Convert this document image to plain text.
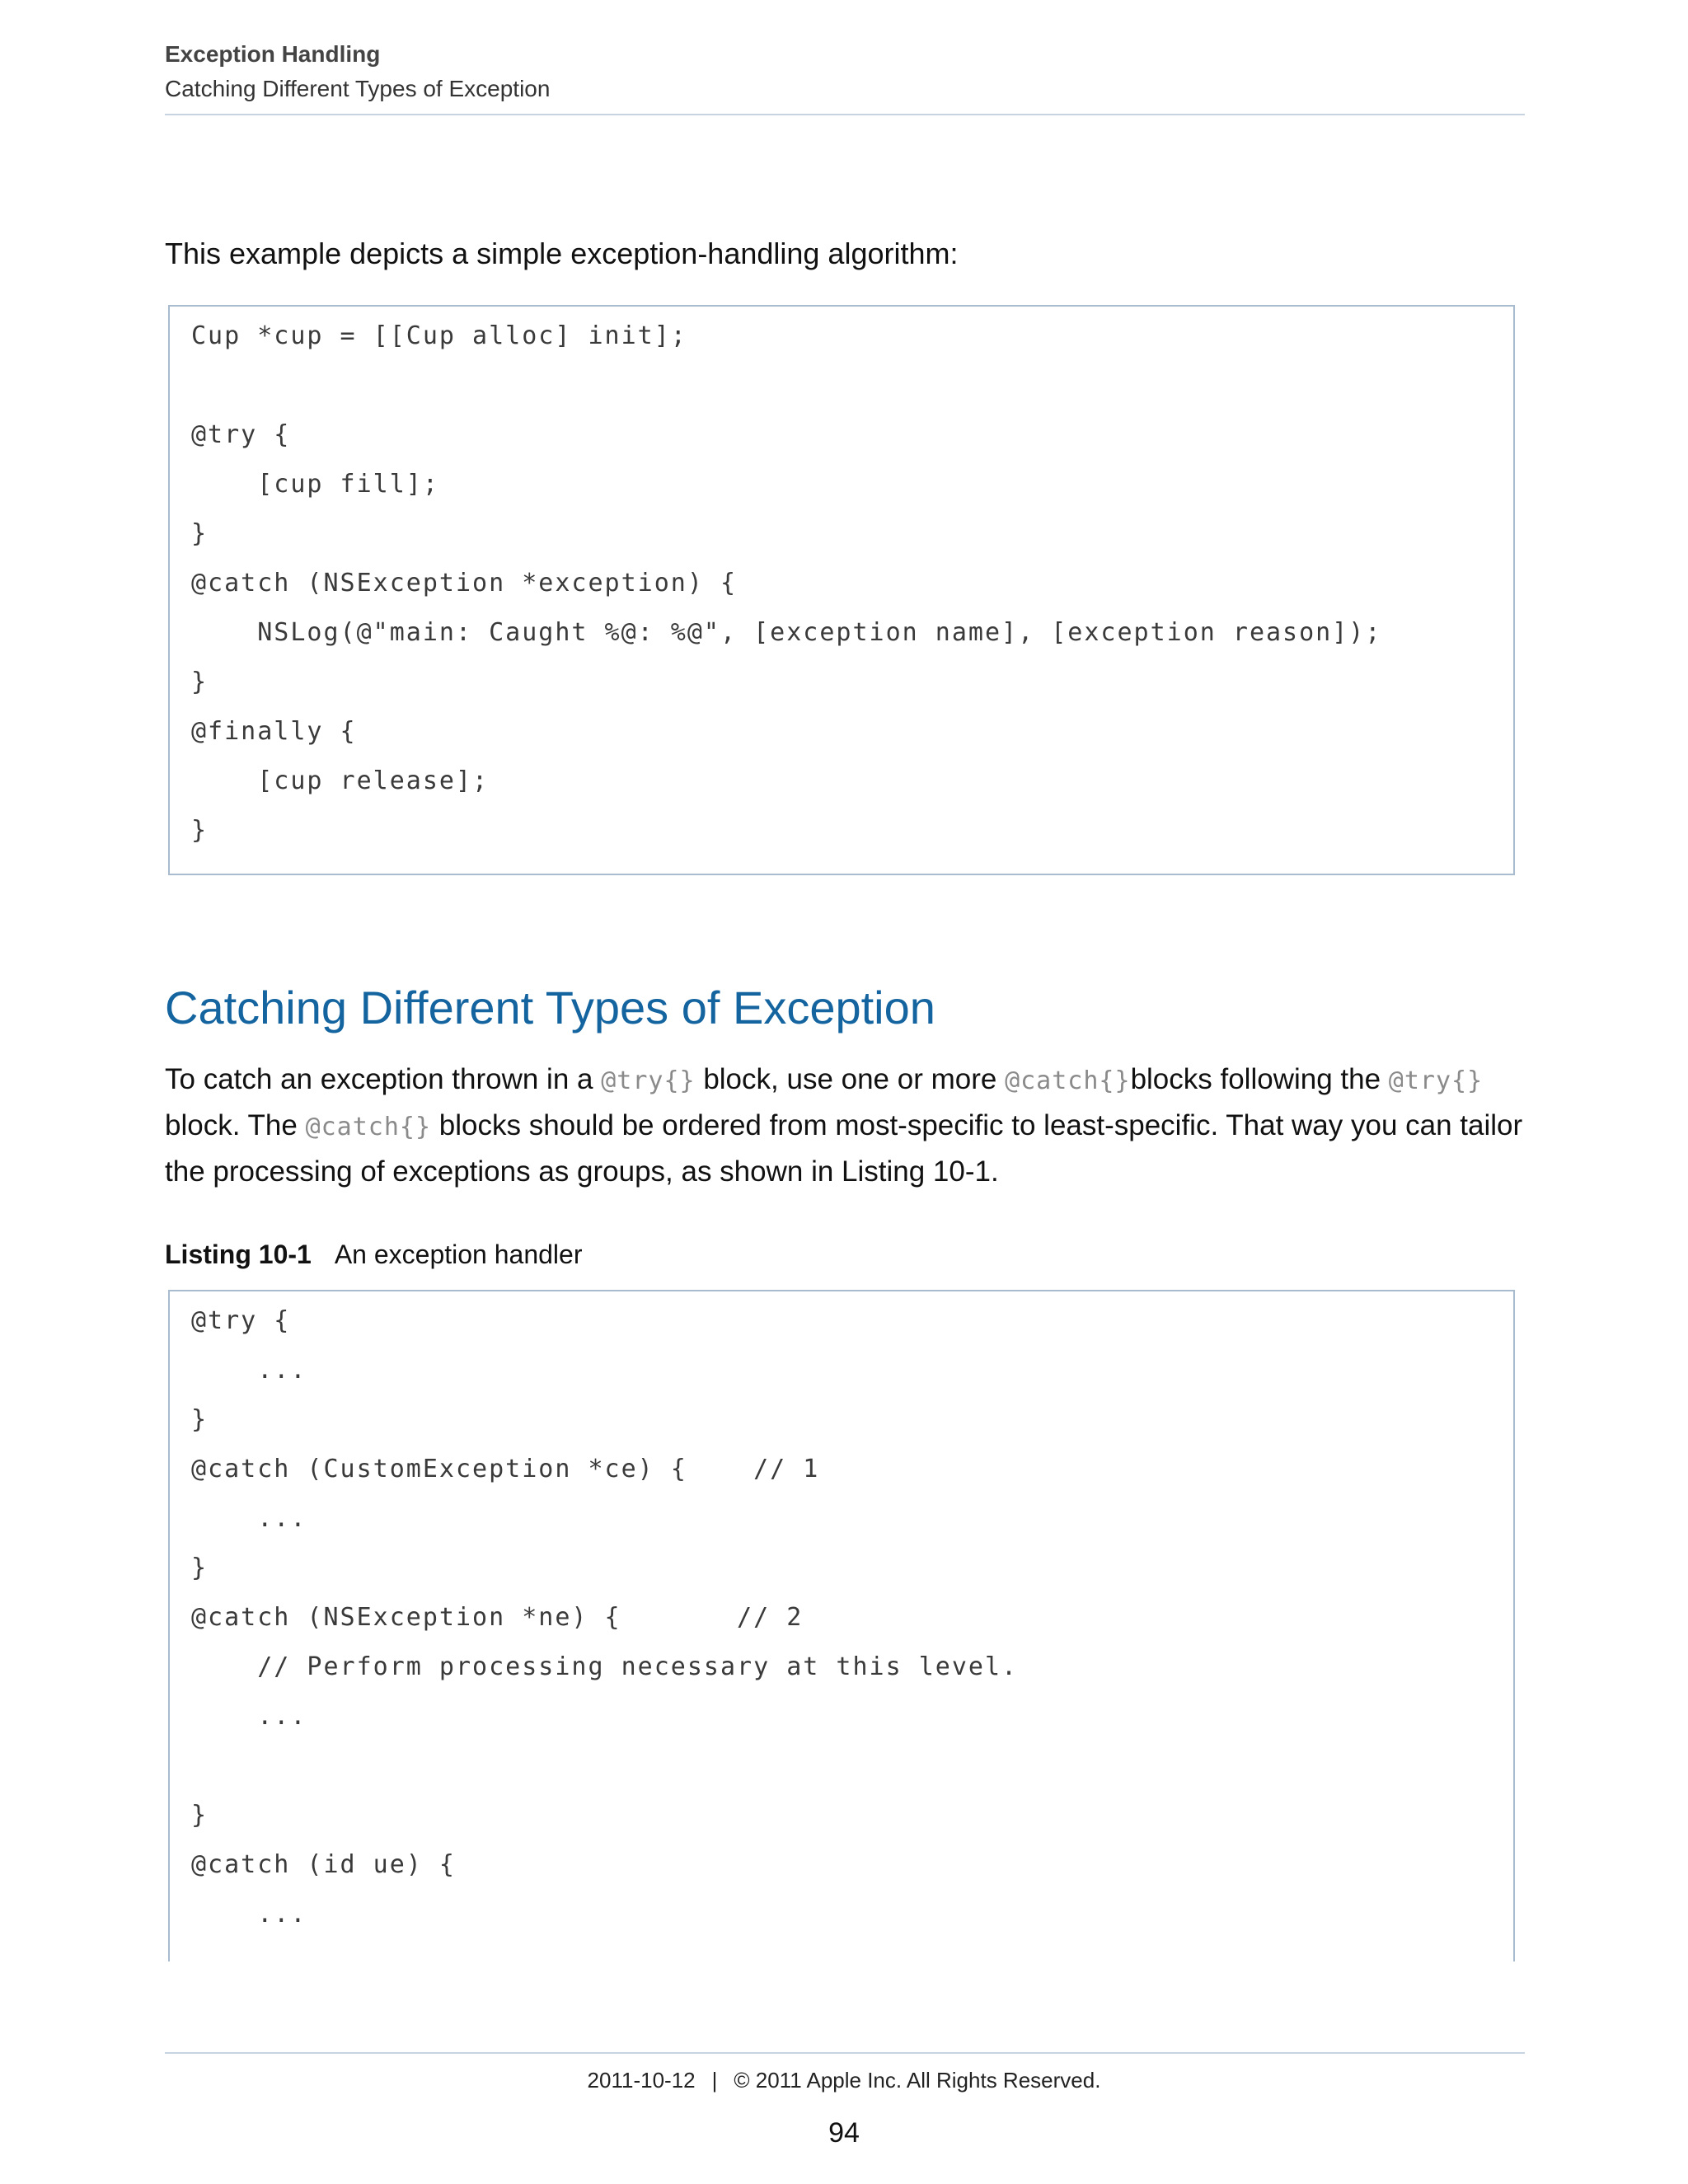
Exception Handling
Catching Different Types of Exception
This example depicts a simple exception-handling algorithm:
Cup *cup = [[Cup alloc] init];
@try {
[cup fill];
}
@catch (NSException *exception) {
NSLog(@"main: Caught %@: %@", [exception name], [exception reason]);
}
@finally {
[cup release];
}
Catching Different Types of Exception
To catch an exception thrown in a @try{} block, use one or more @catch{}blocks following the @try{} block. The @catch{} blocks should be ordered from most-specific to least-specific. That way you can tailor the processing of exceptions as groups, as shown in Listing 10-1.
Listing 10-1 An exception handler
@try {
...
}
@catch (CustomException *ce) {    // 1
...
}
@catch (NSException *ne) {       // 2
// Perform processing necessary at this level.
...
}
@catch (id ue) {
...
2011-10-12 | © 2011 Apple Inc. All Rights Reserved.
94
